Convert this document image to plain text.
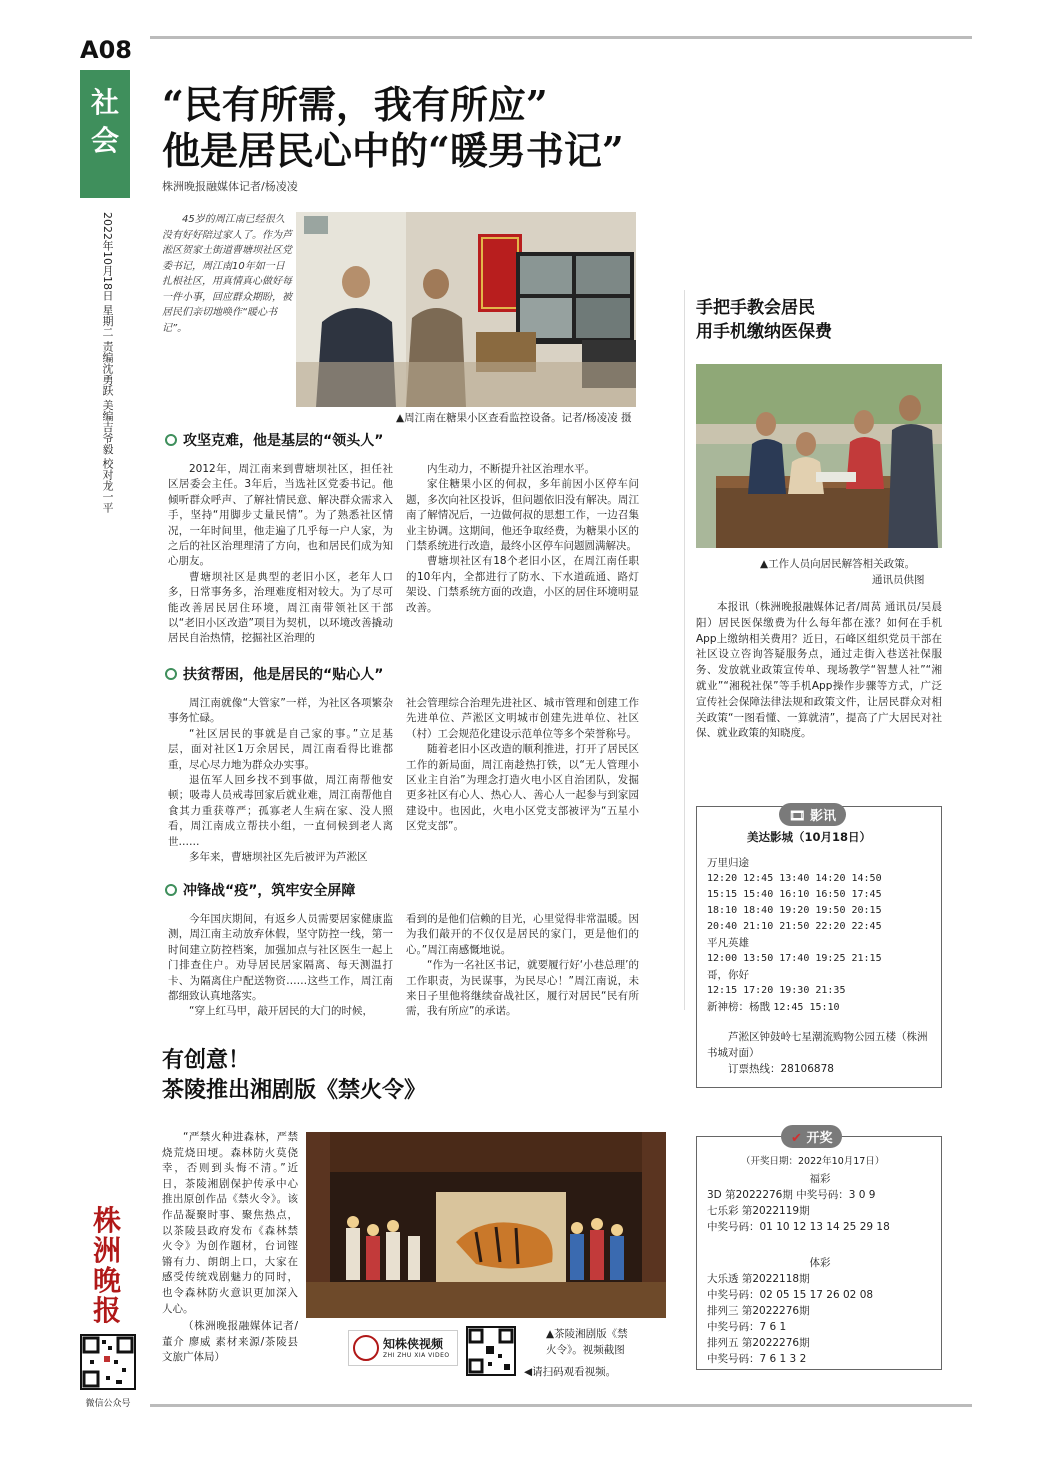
A08
社
会
2022年10月18日 星期二 责编沈勇跃 美编吉爷毅 校对龙一平
株
洲
晚
报
微信公众号
“民有所需，我有所应”
他是居民心中的“暖男书记”
株洲晚报融媒体记者/杨凌凌
45岁的周江南已经很久没有好好陪过家人了。作为芦淞区贺家土街道曹塘坝社区党委书记，周江南10年如一日扎根社区，用真情真心做好每一件小事，回应群众期盼，被居民们亲切地唤作“暖心书记”。
▲周江南在糖果小区查看监控设备。记者/杨凌凌 摄
攻坚克难，他是基层的“领头人”

2012年，周江南来到曹塘坝社区，担任社区居委会主任。3年后，当选社区党委书记。他倾听群众呼声、了解社情民意、解决群众需求入手，坚持“用脚步丈量民情”。为了熟悉社区情况，一年时间里，他走遍了几乎每一户人家，为之后的社区治理理清了方向，也和居民们成为知心朋友。

曹塘坝社区是典型的老旧小区，老年人口多，日常事务多，治理难度相对较大。为了尽可能改善居民居住环境，周江南带领社区干部以“老旧小区改造”项目为契机，以环境改善撬动居民自治热情，挖掘社区治理的

内生动力，不断提升社区治理水平。

家住糖果小区的何叔，多年前因小区停车问题，多次向社区投诉，但问题依旧没有解决。周江南了解情况后，一边做何叔的思想工作，一边召集业主协调。这期间，他还争取经费，为糖果小区的门禁系统进行改造，最终小区停车问题圆满解决。

曹塘坝社区有18个老旧小区，在周江南任职的10年内，全都进行了防水、下水道疏通、路灯架设、门禁系统方面的改造，小区的居住环境明显改善。

扶贫帮困，他是居民的“贴心人”

周江南就像“大管家”一样，为社区各项繁杂事务忙碌。

“社区居民的事就是自己家的事。”立足基层，面对社区1万余居民，周江南看得比谁都重，尽心尽力地为群众办实事。

退伍军人回乡找不到事做，周江南帮他安顿；吸毒人员戒毒回家后就业难，周江南帮他自食其力重获尊严；孤寡老人生病在家、没人照看，周江南成立帮扶小组，一直伺候到老人离世……

多年来，曹塘坝社区先后被评为芦淞区

社会管理综合治理先进社区、城市管理和创建工作先进单位、芦淞区文明城市创建先进单位、社区（村）工会规范化建设示范单位等多个荣誉称号。

随着老旧小区改造的顺利推进，打开了居民区工作的新局面，周江南趁热打铁，以“无人管理小区业主自治”为理念打造火电小区自治团队，发掘更多社区有心人、热心人、善心人一起参与到家园建设中。也因此，火电小区党支部被评为“五星小区党支部”。

冲锋战“疫”，筑牢安全屏障

今年国庆期间，有返乡人员需要居家健康监测，周江南主动放弃休假，坚守防控一线，第一时间建立防控档案，加强加点与社区医生一起上门排查住户。劝导居民居家隔离、每天测温打卡、为隔离住户配送物资……这些工作，周江南都细致认真地落实。

“穿上红马甲，敲开居民的大门的时候，

看到的是他们信赖的目光，心里觉得非常温暖。因为我们敲开的不仅仅是居民的家门，更是他们的心。”周江南感慨地说。

“作为一名社区书记，就要履行好‘小巷总理’的工作职责，为民谋事，为民尽心！”周江南说，未来日子里他将继续奋战社区，履行对居民“民有所需，我有所应”的承诺。

手把手教会居民
用手机缴纳医保费
▲工作人员向居民解答相关政策。
通讯员供图

本报讯（株洲晚报融媒体记者/周莴 通讯员/吴晨阳）居民医保缴费为什么每年都在涨？如何在手机App上缴纳相关费用？近日，石峰区组织党员干部在社区设立咨询答疑服务点，通过走街入巷送社保服务、发放就业政策宣传单、现场教学“智慧人社”“湘就业”“湘税社保”等手机App操作步骤等方式，广泛宣传社会保障法律法规和政策文件，让居民群众对相关政策“一图看懂、一算就清”，提高了广大居民对社保、就业政策的知晓度。

🎞 影讯
美达影城（10月18日）
万里归途
12:20 12:45 13:40 14:20 14:50
15:15 15:40 16:10 16:50 17:45
18:10 18:40 19:20 19:50 20:15
20:40 21:10 21:50 22:20 22:45
平凡英雄
12:00 13:50 17:40 19:25 21:15
哥，你好
12:15 17:20 19:30 21:35
新神榜：杨戬 12:45 15:10
芦淞区钟鼓岭七星潮流购物公园五楼（株洲书城对面）
订票热线：28106878
有创意！
茶陵推出湘剧版《禁火令》

“严禁火种进森林，严禁烧荒烧田埂。森林防火莫侥幸，否则到头悔不清。”近日，茶陵湘剧保护传承中心推出原创作品《禁火令》。该作品凝聚时事、聚焦热点，以茶陵县政府发布《森林禁火令》为创作题材，台词铿锵有力、朗朗上口，大家在感受传统戏剧魅力的同时，也令森林防火意识更加深入人心。

（株洲晚报融媒体记者/董介 廖威 素材来源/茶陵县文旅广体局）

知株侠视频
ZHI ZHU XIA VIDEO
▲茶陵湘剧版《禁
火令》。视频截图
◀请扫码观看视频。
✔ 开奖
（开奖日期：2022年10月17日）
福彩
3D 第2022276期 中奖号码：3 0 9
七乐彩 第2022119期
中奖号码：01 10 12 13 14 25 29 18
体彩
大乐透 第2022118期
中奖号码：02 05 15 17 26 02 08
排列三 第2022276期
中奖号码：7 6 1
排列五 第2022276期
中奖号码：7 6 1 3 2
